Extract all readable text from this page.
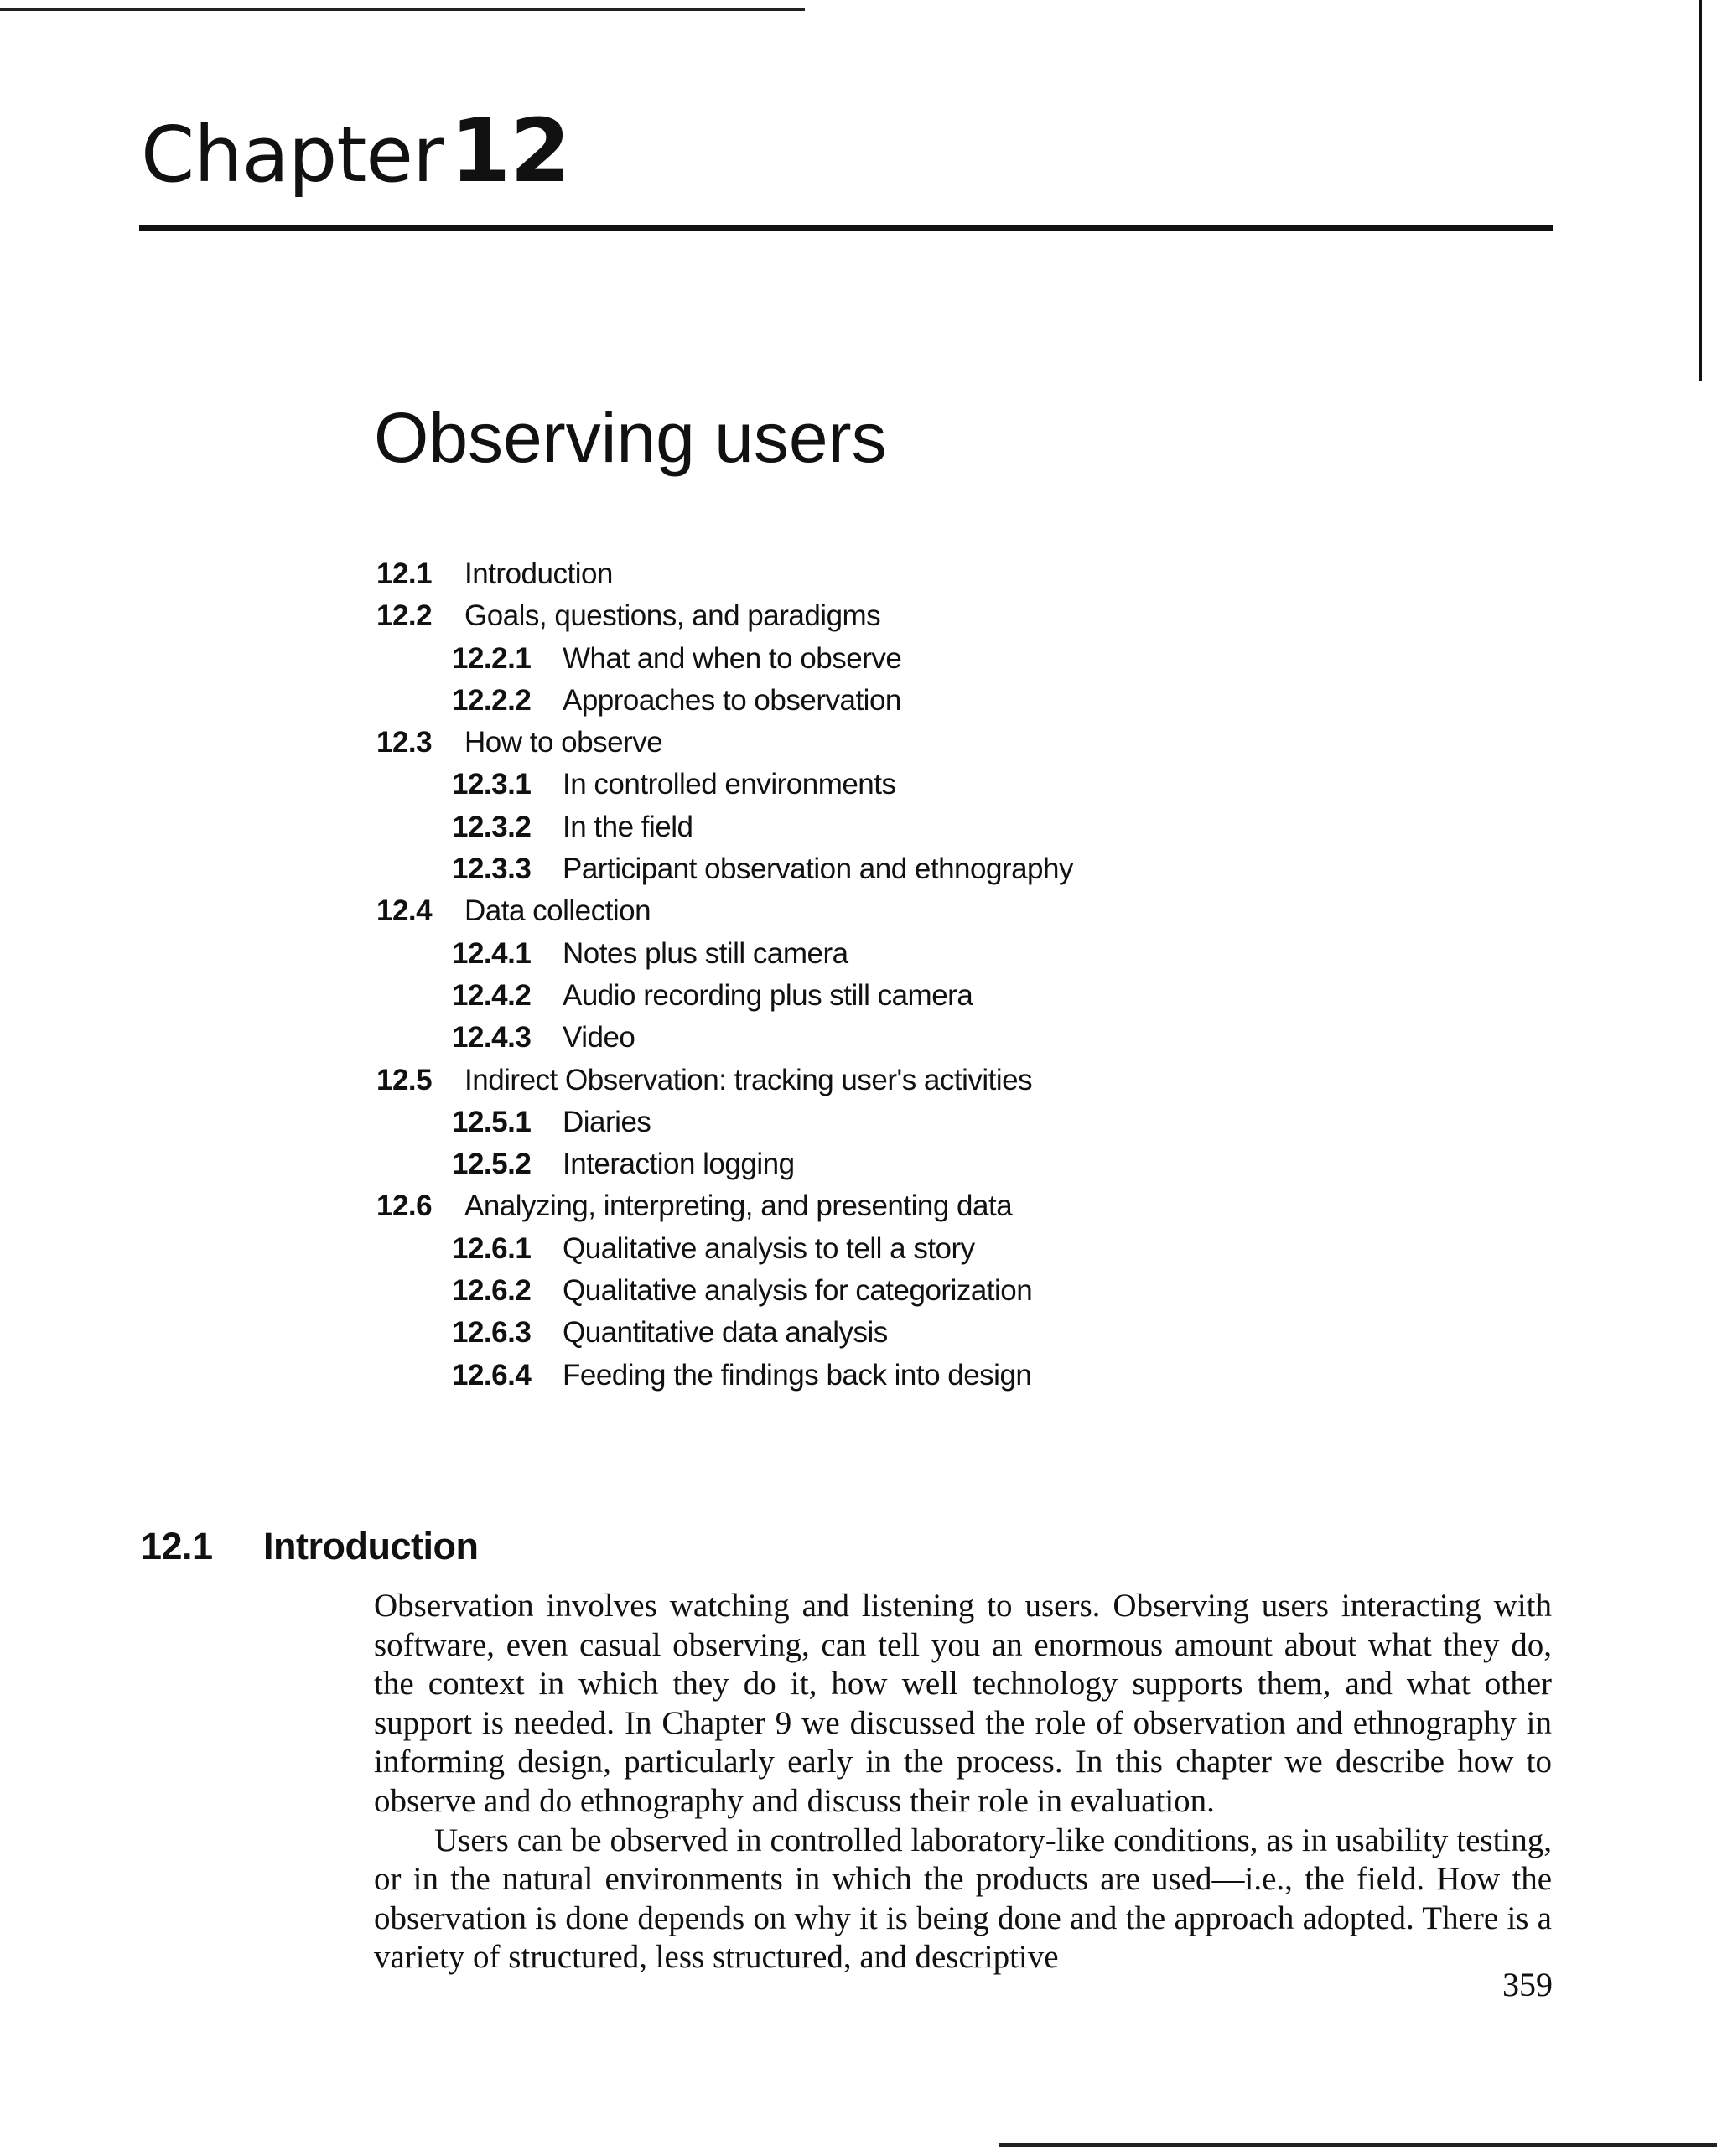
Chapter12
Observing users
12.1 Introduction
12.2 Goals, questions, and paradigms
12.2.1 What and when to observe
12.2.2 Approaches to observation
12.3 How to observe
12.3.1 In controlled environments
12.3.2 In the field
12.3.3 Participant observation and ethnography
12.4 Data collection
12.4.1 Notes plus still camera
12.4.2 Audio recording plus still camera
12.4.3 Video
12.5 Indirect Observation: tracking user's activities
12.5.1 Diaries
12.5.2 Interaction logging
12.6 Analyzing, interpreting, and presenting data
12.6.1 Qualitative analysis to tell a story
12.6.2 Qualitative analysis for categorization
12.6.3 Quantitative data analysis
12.6.4 Feeding the findings back into design
12.1 Introduction

Observation involves watching and listening to users. Observing users interacting with software, even casual observing, can tell you an enormous amount about what they do, the context in which they do it, how well technology supports them, and what other support is needed. In Chapter 9 we discussed the role of observation and ethnography in informing design, particularly early in the process. In this chapter we describe how to observe and do ethnography and discuss their role in evaluation.

Users can be observed in controlled laboratory-like conditions, as in usability testing, or in the natural environments in which the products are used—i.e., the field. How the observation is done depends on why it is being done and the approach adopted. There is a variety of structured, less structured, and descriptive

359
